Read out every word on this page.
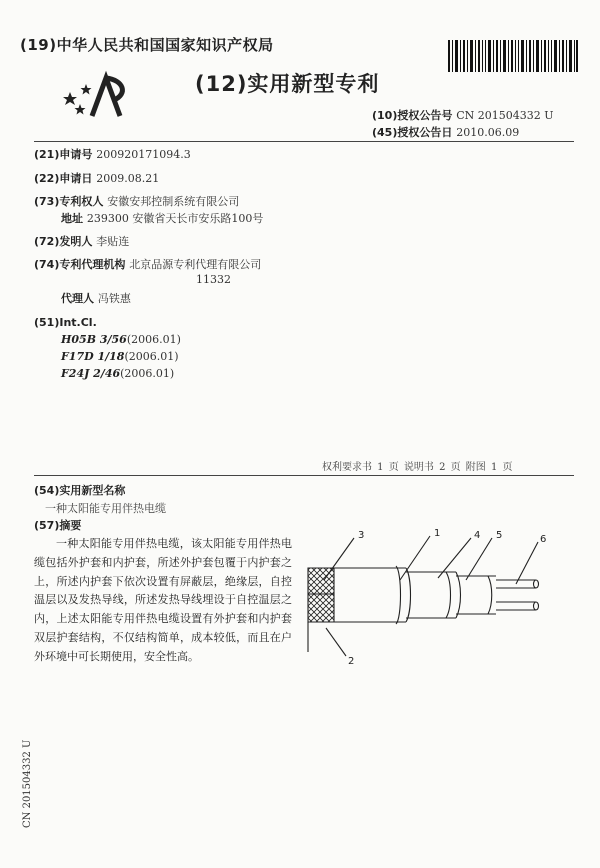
(19)中华人民共和国国家知识产权局
(12)实用新型专利
(10)授权公告号 CN 201504332 U
(45)授权公告日 2010.06.09
(21)申请号 200920171094.3
(22)申请日 2009.08.21
(73)专利权人 安徽安邦控制系统有限公司
地址 239300 安徽省天长市安乐路100号
(72)发明人 李贴连
(74)专利代理机构 北京品源专利代理有限公司
11332
代理人 冯铁惠
(51)Int.Cl.
H05B 3/56(2006.01)
F17D 1/18(2006.01)
F24J 2/46(2006.01)
权利要求书 1 页 说明书 2 页 附图 1 页
(54)实用新型名称
一种太阳能专用伴热电缆
(57)摘要
一种太阳能专用伴热电缆，该太阳能专用伴热电缆包括外护套和内护套，所述外护套包覆于内护套之上，所述内护套下依次设置有屏蔽层，绝缘层，自控温层以及发热导线，所述发热导线埋设于自控温层之内，上述太阳能专用伴热电缆设置有外护套和内护套双层护套结构，不仅结构简单，成本较低，而且在户外环境中可长期使用，安全性高。
3	1	4 5	6
2
CN 201504332 U
